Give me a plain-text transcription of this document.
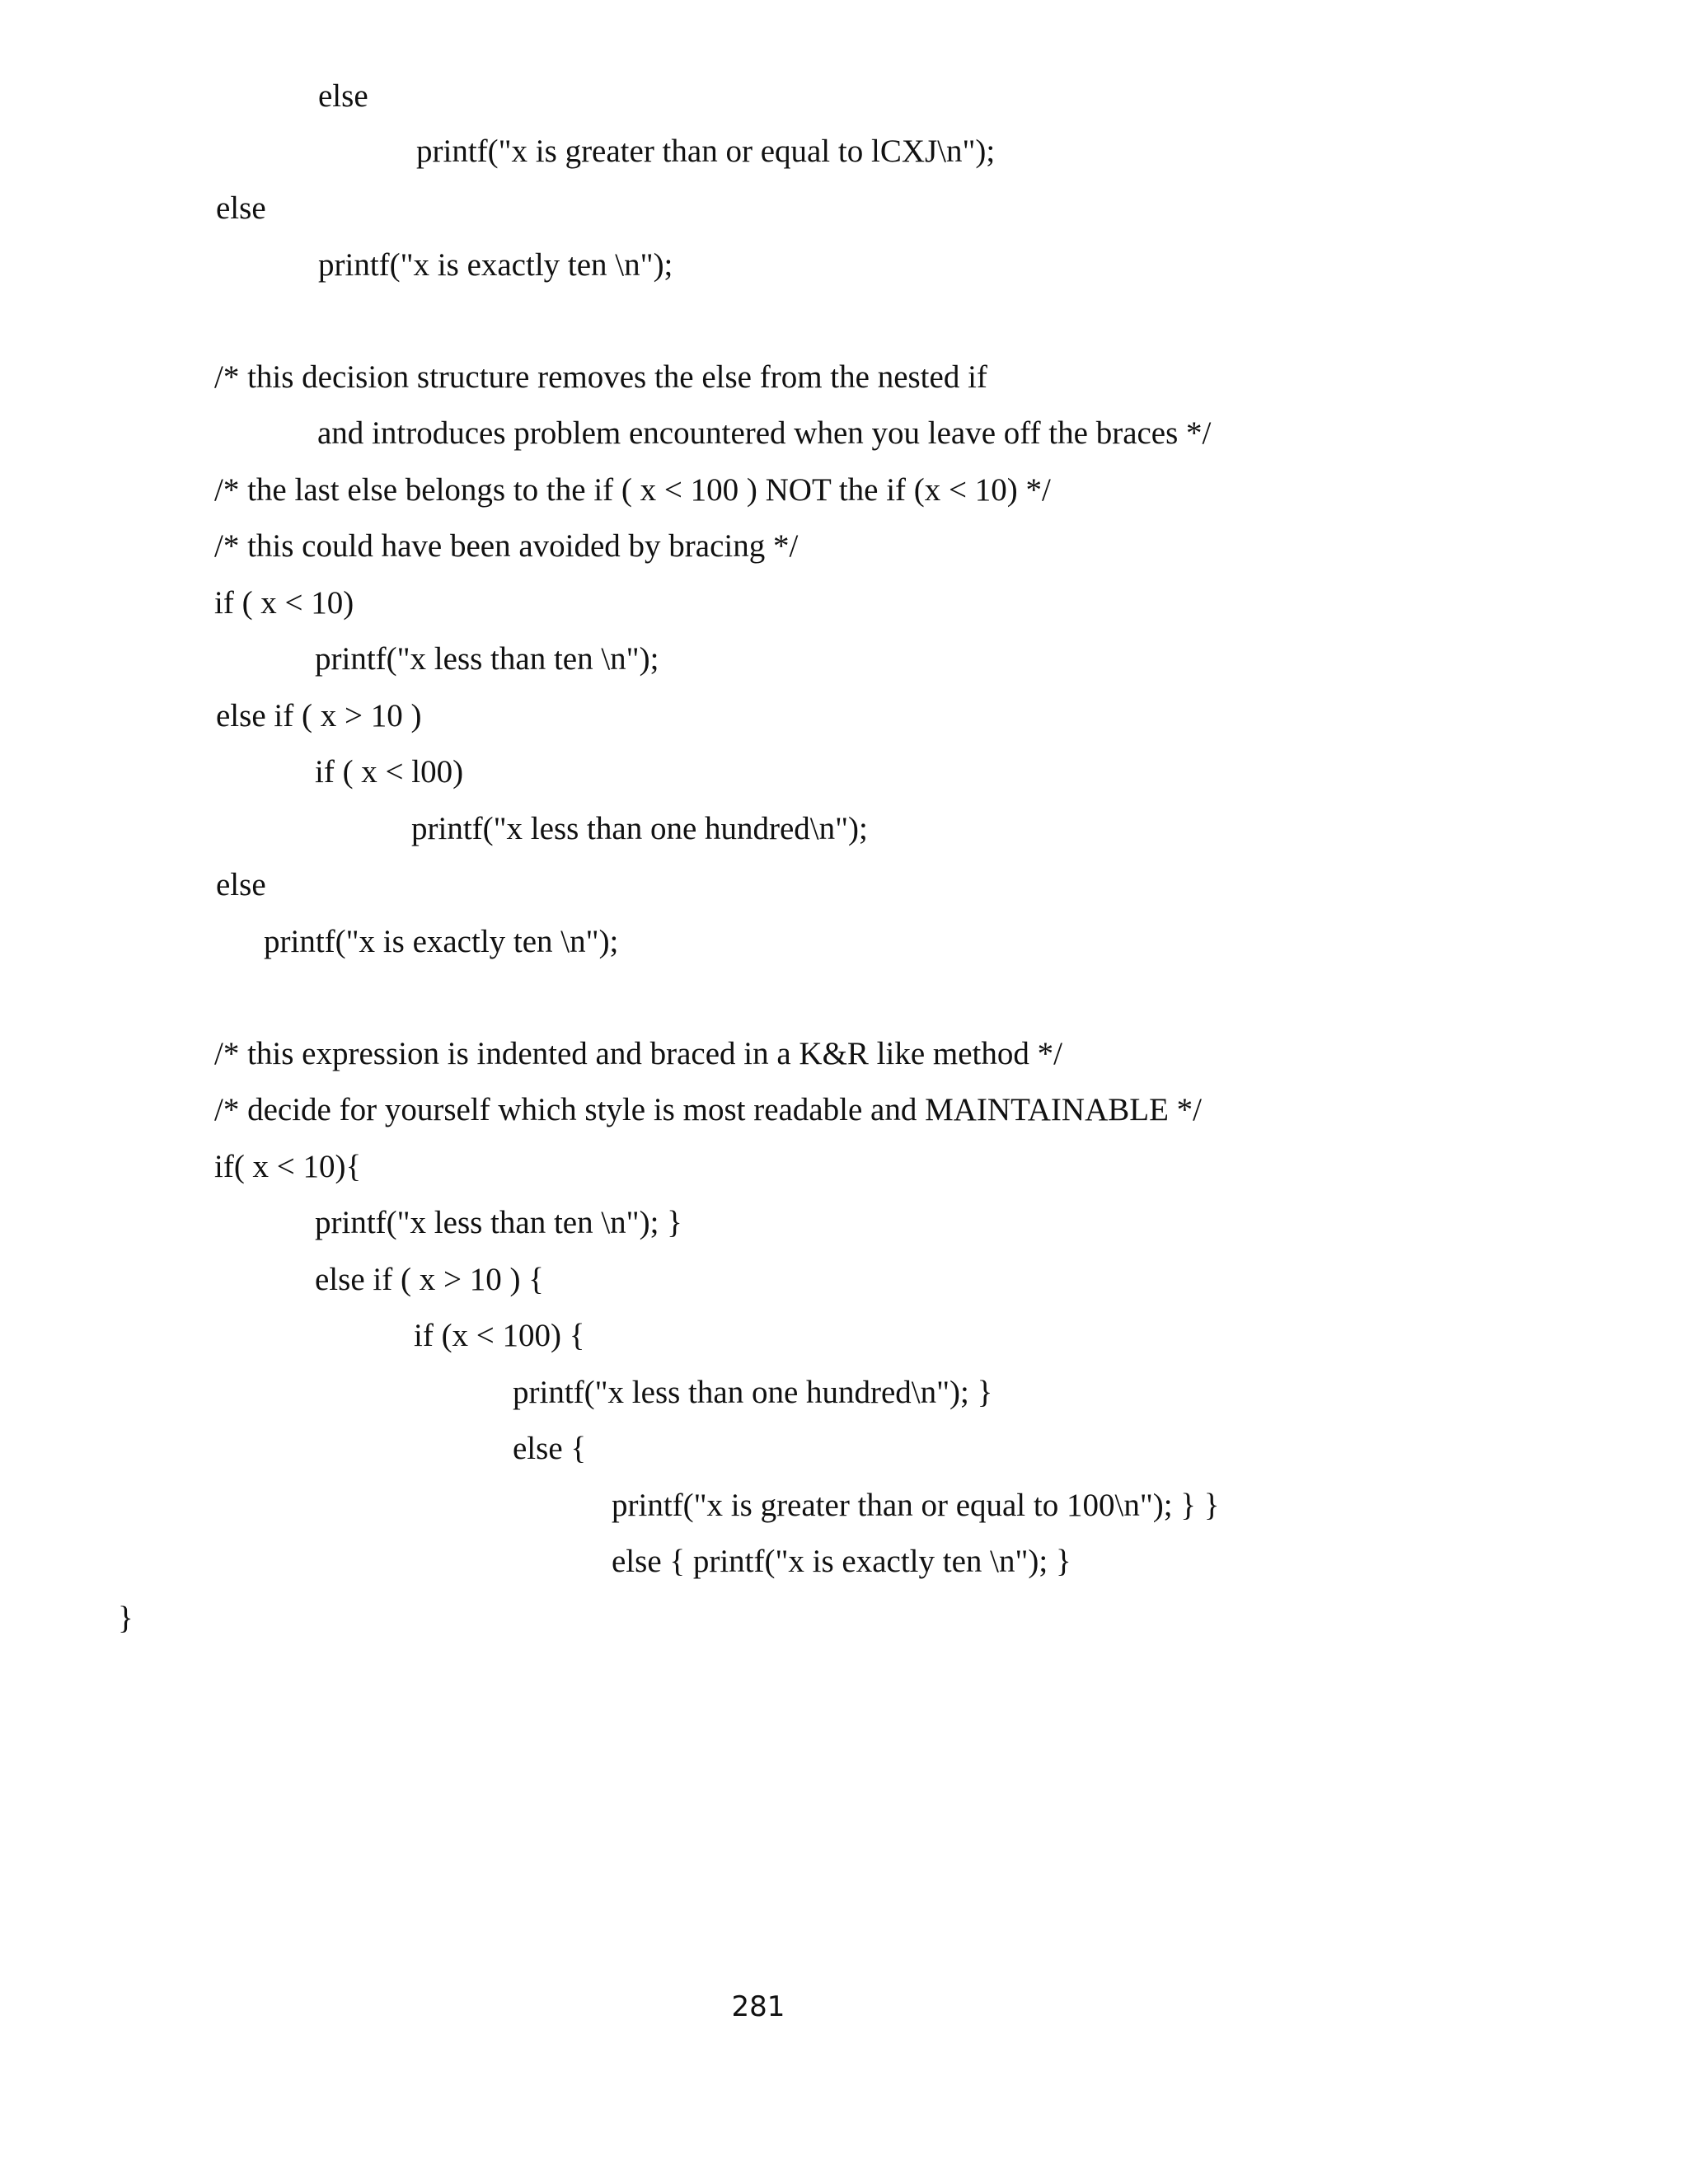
else
printf("x is greater than or equal to lCXJ\n");
else
printf("x is exactly ten \n");
/* this decision structure removes the else from the nested if
and introduces problem encountered when you leave off the braces */
/* the last else belongs to the if ( x < 100 ) NOT the if (x < 10) */
/* this could have been avoided by bracing */
if ( x < 10)
printf("x less than ten \n");
else if ( x > 10 )
if ( x < l00)
printf("x less than one hundred\n");
else
printf("x is exactly ten \n");
/* this expression is indented and braced in a K&R like method */
/* decide for yourself which style is most readable and MAINTAINABLE */
if( x < 10){
printf("x less than ten \n"); }
else if ( x > 10 ) {
if (x < 100) {
printf("x less than one hundred\n"); }
else {
printf("x is greater than or equal to 100\n"); } }
else { printf("x is exactly ten \n"); }
}
281
